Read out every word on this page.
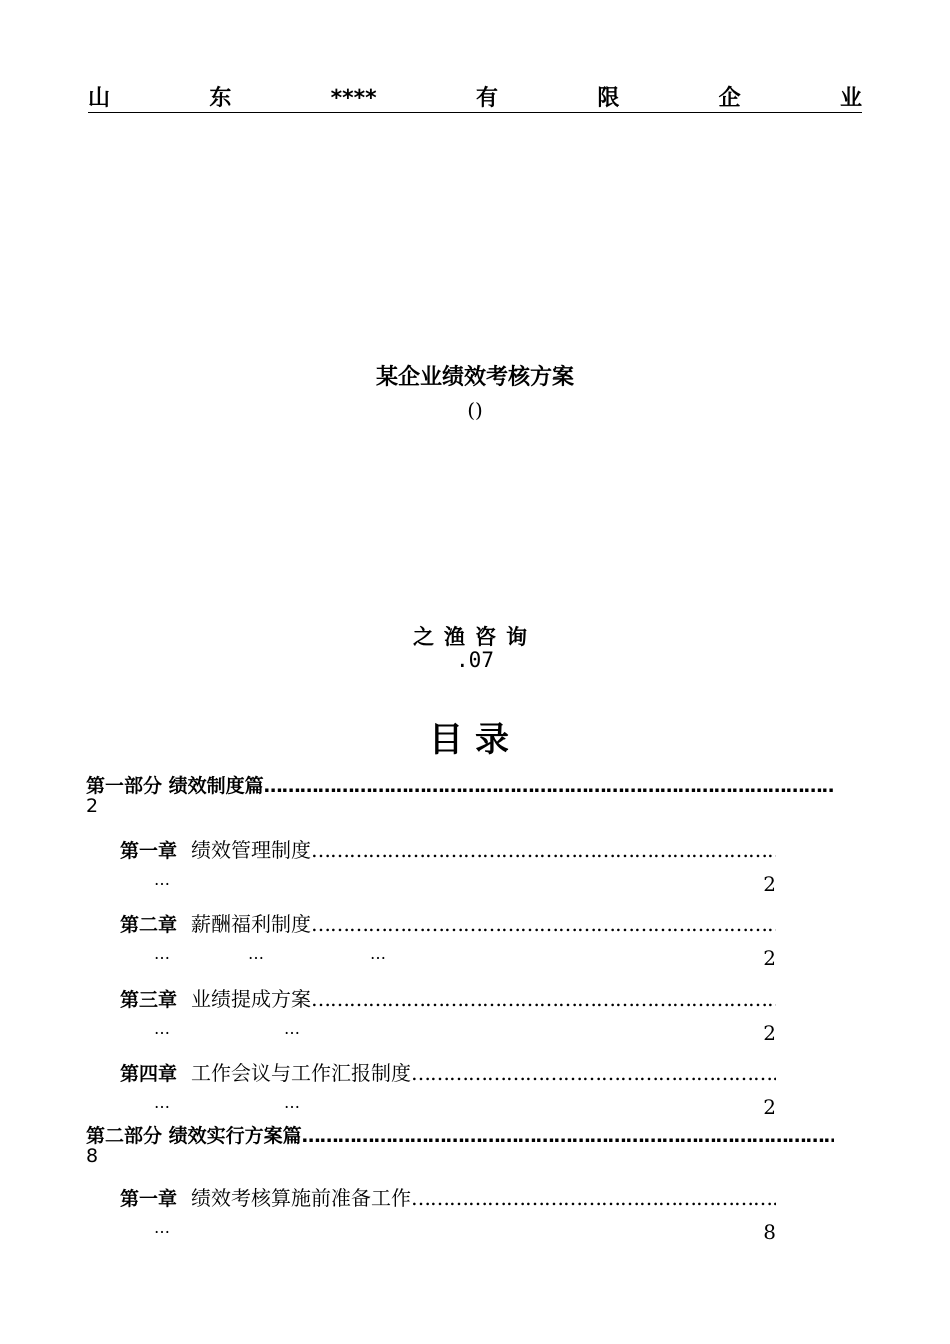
山	东	****	有	限	企	业
某企业绩效考核方案
()
之渔咨询
.07
目录
第一部分 绩效制度篇
……………………………………………………………………………………………………………………………………………………
2
第一章 绩效管理制度
……………………………………………………………………………………………………………………………………………………
…	2
第二章 薪酬福利制度
……………………………………………………………………………………………………………………………………………………
…	…	…	2
第三章 业绩提成方案
……………………………………………………………………………………………………………………………………………………
…	…	2
第四章 工作会议与工作汇报制度
……………………………………………………………………………………………………………………………………………………
…	…	2
第二部分 绩效实行方案篇
……………………………………………………………………………………………………………………………………………………
8
第一章 绩效考核算施前准备工作
……………………………………………………………………………………………………………………………………………………
…	8
